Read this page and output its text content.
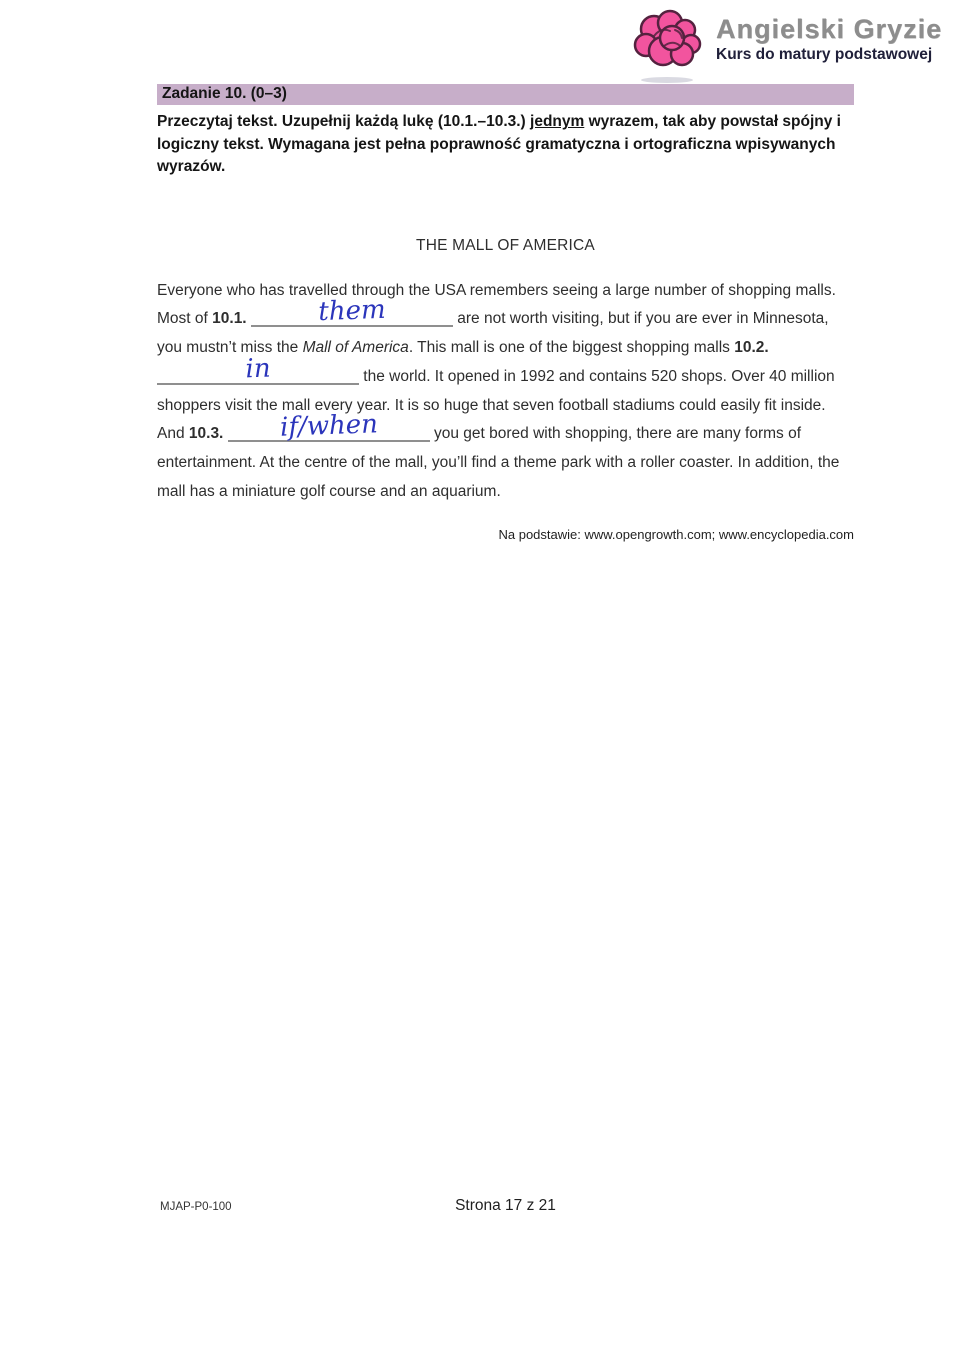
Angielski Gryzie
Kurs do matury podstawowej
Zadanie 10. (0–3)
Przeczytaj tekst. Uzupełnij każdą lukę (10.1.–10.3.) jednym wyrazem, tak aby powstał spójny i logiczny tekst. Wymagana jest pełna poprawność gramatyczna i ortograficzna wpisywanych wyrazów.
THE MALL OF AMERICA
Everyone who has travelled through the USA remembers seeing a large number of shopping malls. Most of 10.1.	them	are not worth visiting, but if you are ever in Minnesota, you mustn’t miss the Mall of America. This mall is one of the biggest shopping malls 10.2.
in	the world. It opened in 1992 and contains 520 shops. Over 40 million shoppers visit the mall every year. It is so huge that seven football stadiums could easily fit inside. And 10.3.	if/when	you get bored with shopping, there are many forms of entertainment. At the centre of the mall, you’ll find a theme park with a roller coaster. In addition, the mall has a miniature golf course and an aquarium.
Na podstawie: www.opengrowth.com; www.encyclopedia.com
MJAP-P0-100	Strona 17 z 21
